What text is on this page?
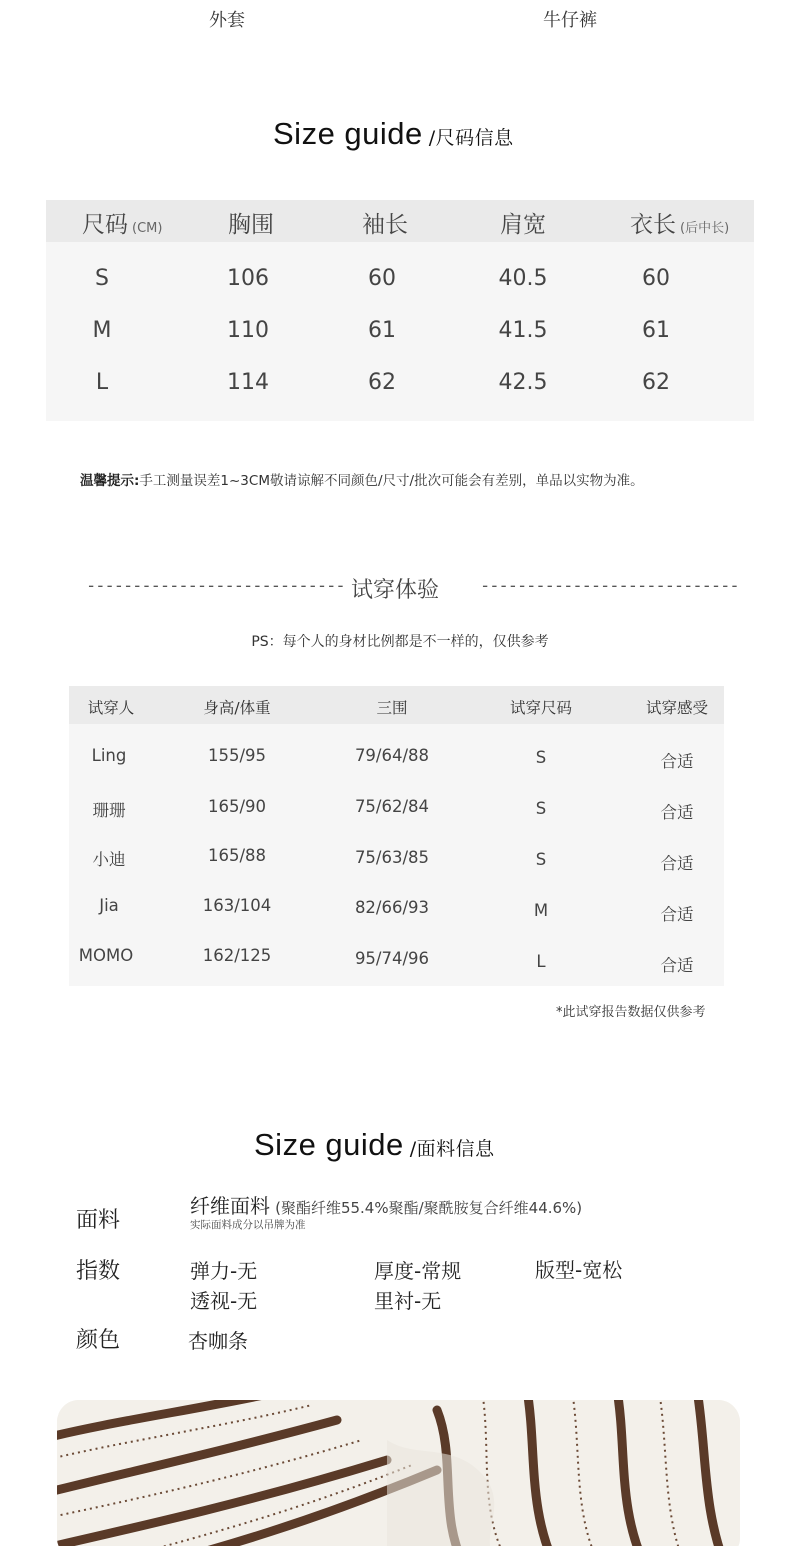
外套	牛仔裤
Size guide /尺码信息
尺码 (CM)	胸围	袖长	肩宽	衣长 (后中长)
S	106	60	40.5	60
M	110	61	41.5	61
L	114	62	42.5	62
温馨提示:手工测量误差1~3CM敬请谅解不同颜色/尺寸/批次可能会有差别，单品以实物为准。
---------------------------- 试穿体验 ----------------------------
PS：每个人的身材比例都是不一样的，仅供参考
试穿人	身高/体重	三围	试穿尺码	试穿感受
Ling	155/95	79/64/88	S	合适
珊珊	165/90	75/62/84	S	合适
小迪	165/88	75/63/85	S	合适
Jia	163/104	82/66/93	M	合适
MOMO	162/125	95/74/96	L	合适
*此试穿报告数据仅供参考
Size guide /面料信息
面料
纤维面料 (聚酯纤维55.4%聚酯/聚酰胺复合纤维44.6%)
实际面料成分以吊牌为准
指数	弹力-无	厚度-常规	版型-宽松
透视-无	里衬-无
颜色	杏咖条
